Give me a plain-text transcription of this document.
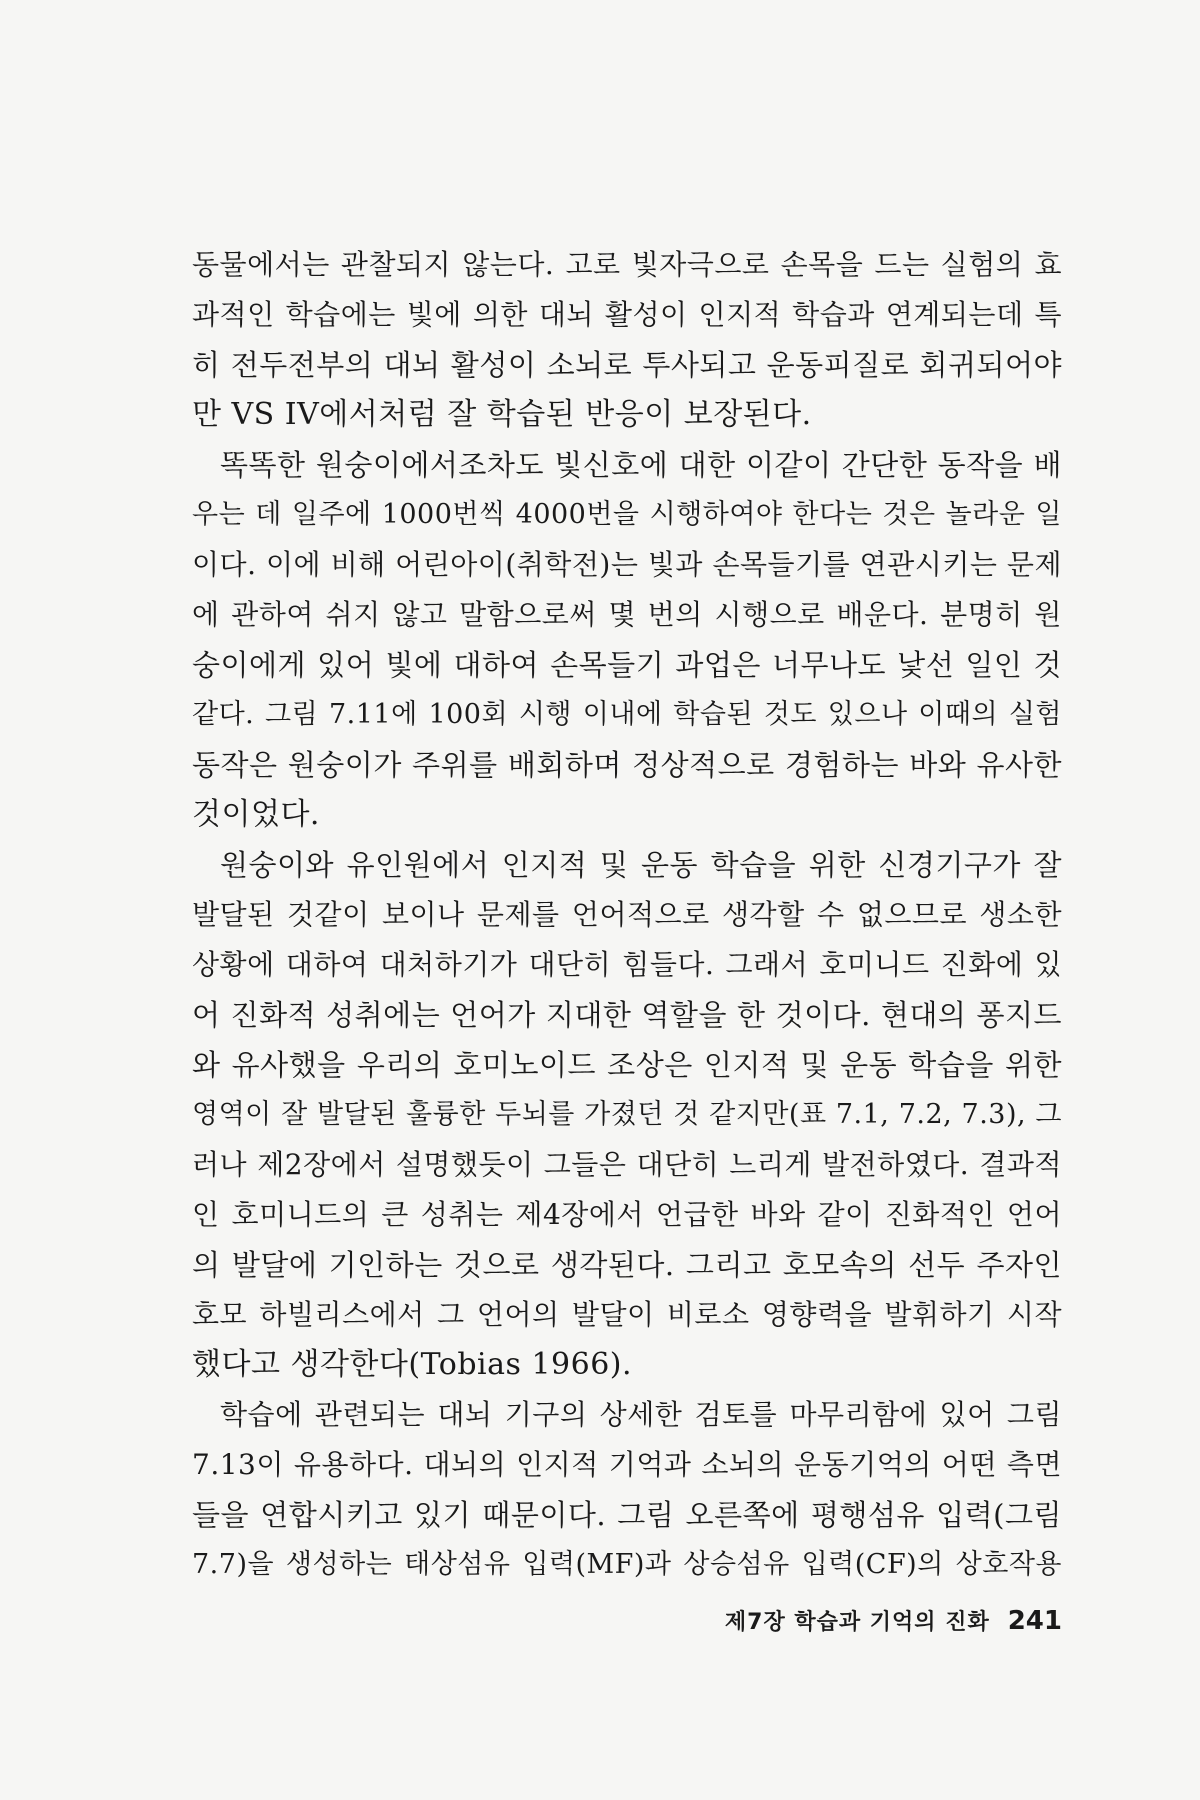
동물에서는 관찰되지 않는다. 고로 빛자극으로 손목을 드는 실험의 효
과적인 학습에는 빛에 의한 대뇌 활성이 인지적 학습과 연계되는데 특
히 전두전부의 대뇌 활성이 소뇌로 투사되고 운동피질로 회귀되어야
만 VS IV에서처럼 잘 학습된 반응이 보장된다.

똑똑한 원숭이에서조차도 빛신호에 대한 이같이 간단한 동작을 배
우는 데 일주에 1000번씩 4000번을 시행하여야 한다는 것은 놀라운 일
이다. 이에 비해 어린아이(취학전)는 빛과 손목들기를 연관시키는 문제
에 관하여 쉬지 않고 말함으로써 몇 번의 시행으로 배운다. 분명히 원
숭이에게 있어 빛에 대하여 손목들기 과업은 너무나도 낯선 일인 것
같다. 그림 7.11에 100회 시행 이내에 학습된 것도 있으나 이때의 실험
동작은 원숭이가 주위를 배회하며 정상적으로 경험하는 바와 유사한
것이었다.

원숭이와 유인원에서 인지적 및 운동 학습을 위한 신경기구가 잘
발달된 것같이 보이나 문제를 언어적으로 생각할 수 없으므로 생소한
상황에 대하여 대처하기가 대단히 힘들다. 그래서 호미니드 진화에 있
어 진화적 성취에는 언어가 지대한 역할을 한 것이다. 현대의 퐁지드
와 유사했을 우리의 호미노이드 조상은 인지적 및 운동 학습을 위한
영역이 잘 발달된 훌륭한 두뇌를 가졌던 것 같지만(표 7.1, 7.2, 7.3), 그
러나 제2장에서 설명했듯이 그들은 대단히 느리게 발전하였다. 결과적
인 호미니드의 큰 성취는 제4장에서 언급한 바와 같이 진화적인 언어
의 발달에 기인하는 것으로 생각된다. 그리고 호모속의 선두 주자인
호모 하빌리스에서 그 언어의 발달이 비로소 영향력을 발휘하기 시작
했다고 생각한다(Tobias 1966).

학습에 관련되는 대뇌 기구의 상세한 검토를 마무리함에 있어 그림
7.13이 유용하다. 대뇌의 인지적 기억과 소뇌의 운동기억의 어떤 측면
들을 연합시키고 있기 때문이다. 그림 오른쪽에 평행섬유 입력(그림
7.7)을 생성하는 태상섬유 입력(MF)과 상승섬유 입력(CF)의 상호작용

제7장 학습과 기억의 진화 241
